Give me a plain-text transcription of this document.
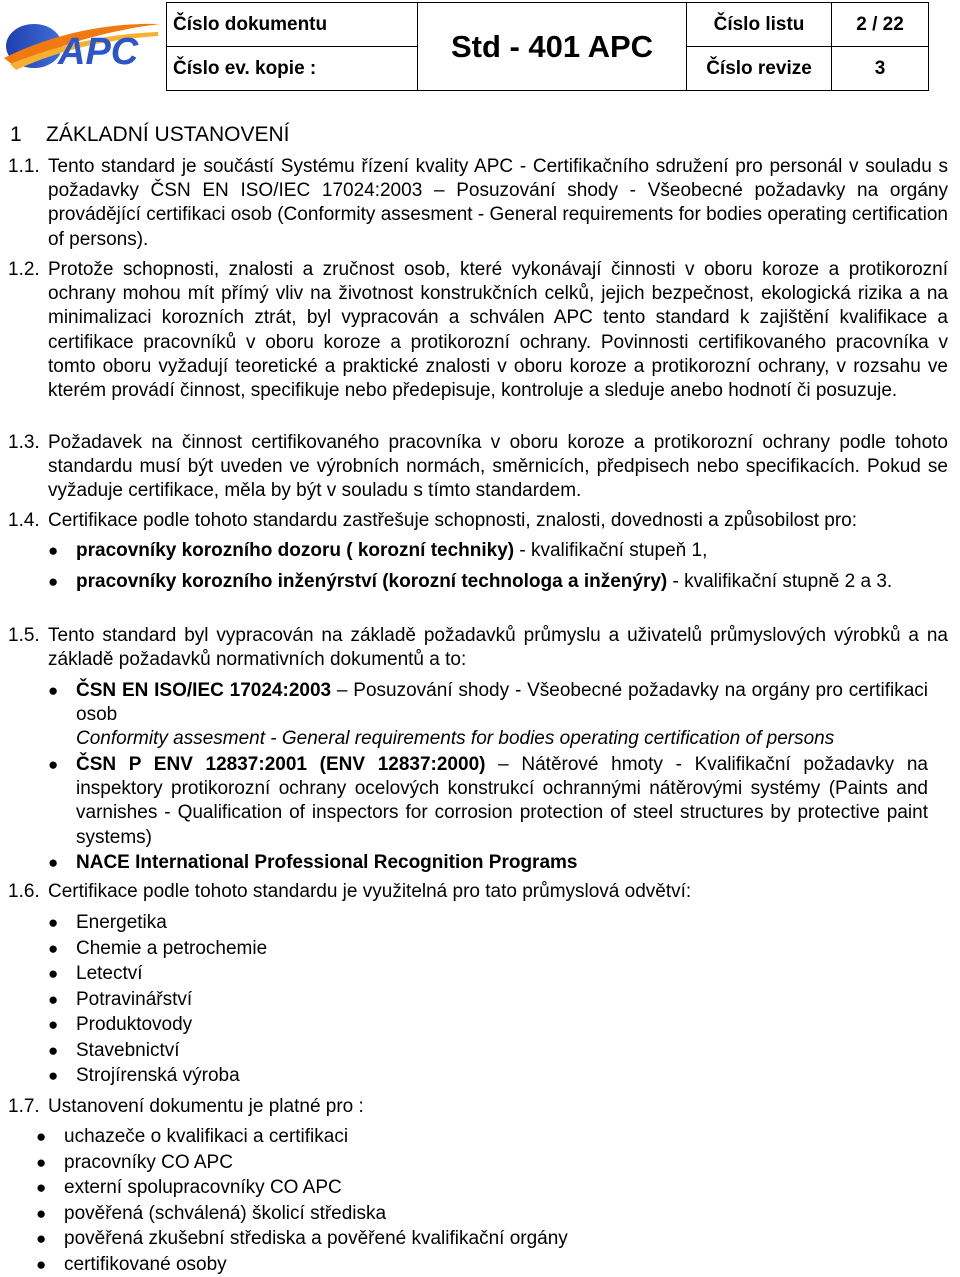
APC
Číslo dokumentu	Std - 401 APC	Číslo listu	2 / 22
Číslo ev. kopie :		Číslo revize	3
1 ZÁKLADNÍ USTANOVENÍ
1.1. Tento standard je součástí Systému řízení kvality APC - Certifikačního sdružení pro personál v souladu s požadavky ČSN EN ISO/IEC 17024:2003 – Posuzování shody - Všeobecné požadavky na orgány provádějící certifikaci osob (Conformity assesment - General requirements for bodies operating certification of persons).
1.2. Protože schopnosti, znalosti a zručnost osob, které vykonávají činnosti v oboru koroze a protikorozní ochrany mohou mít přímý vliv na životnost konstrukčních celků, jejich bezpečnost, ekologická rizika a na minimalizaci korozních ztrát, byl vypracován a schválen APC tento standard k zajištění kvalifikace a certifikace pracovníků v oboru koroze a protikorozní ochrany. Povinnosti certifikovaného pracovníka v tomto oboru vyžadují teoretické a praktické znalosti v oboru koroze a protikorozní ochrany, v rozsahu ve kterém provádí činnost, specifikuje nebo předepisuje, kontroluje a sleduje anebo hodnotí či posuzuje.
1.3. Požadavek na činnost certifikovaného pracovníka v oboru koroze a protikorozní ochrany podle tohoto standardu musí být uveden ve výrobních normách, směrnicích, předpisech nebo specifikacích. Pokud se vyžaduje certifikace, měla by být v souladu s tímto standardem.
1.4. Certifikace podle tohoto standardu zastřešuje schopnosti, znalosti, dovednosti a způsobilost pro:
● pracovníky korozního dozoru ( korozní techniky) - kvalifikační stupeň 1,
● pracovníky korozního inženýrství (korozní technologa a inženýry) - kvalifikační stupně 2 a 3.
1.5. Tento standard byl vypracován na základě požadavků průmyslu a uživatelů průmyslových výrobků a na základě požadavků normativních dokumentů a to:
● ČSN EN ISO/IEC 17024:2003 – Posuzování shody - Všeobecné požadavky na orgány pro certifikaci osob
Conformity assesment - General requirements for bodies operating certification of persons
● ČSN P ENV 12837:2001 (ENV 12837:2000) – Nátěrové hmoty - Kvalifikační požadavky na inspektory protikorozní ochrany ocelových konstrukcí ochrannými nátěrovými systémy (Paints and varnishes - Qualification of inspectors for corrosion protection of steel structures by protective paint systems)
● NACE International Professional Recognition Programs
1.6. Certifikace podle tohoto standardu je využitelná pro tato průmyslová odvětví:
● Energetika
● Chemie a petrochemie
● Letectví
● Potravinářství
● Produktovody
● Stavebnictví
● Strojírenská výroba
1.7. Ustanovení dokumentu je platné pro :
● uchazeče o kvalifikaci a certifikaci
● pracovníky CO APC
● externí spolupracovníky CO APC
● pověřená (schválená) školicí střediska
● pověřená zkušební střediska a pověřené kvalifikační orgány
● certifikované osoby
